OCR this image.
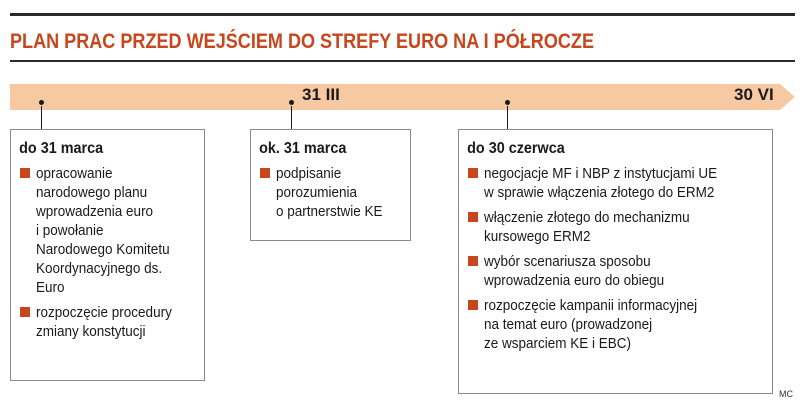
PLAN PRAC PRZED WEJŚCIEM DO STREFY EURO NA I PÓŁROCZE
31 III	30 VI
do 31 marca
opracowanie
narodowego planu
wprowadzenia euro
i powołanie
Narodowego Komitetu
Koordynacyjnego ds.
Euro
rozpoczęcie procedury
zmiany konstytucji
ok. 31 marca
podpisanie
porozumienia
o partnerstwie KE
do 30 czerwca
negocjacje MF i NBP z instytucjami UE
w sprawie włączenia złotego do ERM2
włączenie złotego do mechanizmu
kursowego ERM2
wybór scenariusza sposobu
wprowadzenia euro do obiegu
rozpoczęcie kampanii informacyjnej
na temat euro (prowadzonej
ze wsparciem KE i EBC)
MC
